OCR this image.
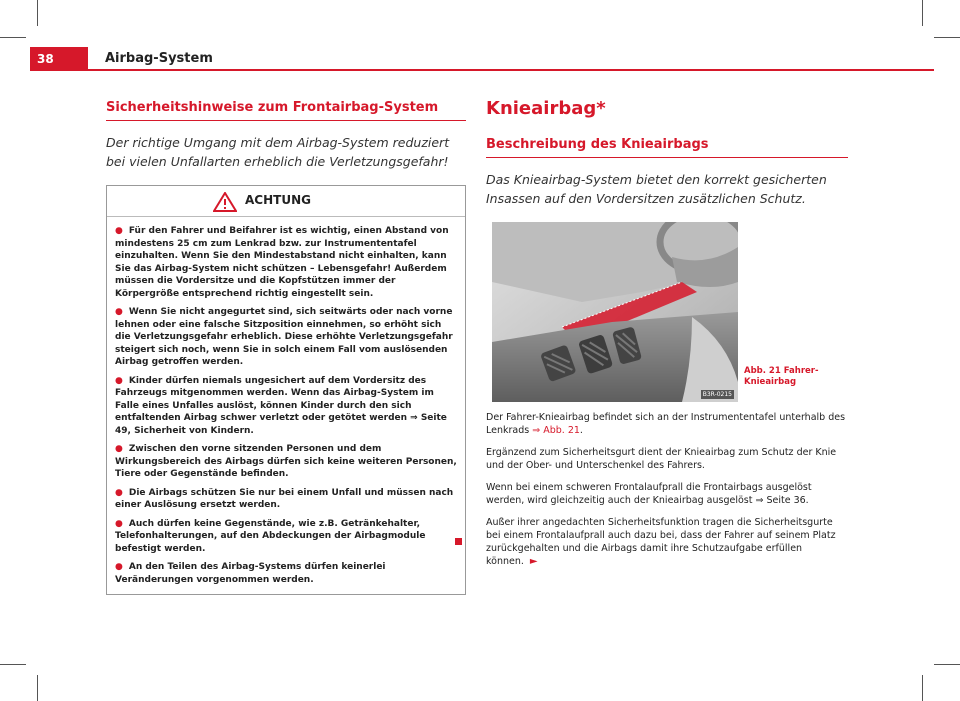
38	Airbag-System
Sicherheitshinweise zum Frontairbag-System
Der richtige Umgang mit dem Airbag-System reduziert bei vielen Unfallarten erheblich die Verletzungsgefahr!
ACHTUNG
● Für den Fahrer und Beifahrer ist es wichtig, einen Abstand von mindestens 25 cm zum Lenkrad bzw. zur Instrumententafel einzuhalten. Wenn Sie den Mindestabstand nicht einhalten, kann Sie das Airbag-System nicht schützen – Lebensgefahr! Außerdem müssen die Vordersitze und die Kopfstützen immer der Körpergröße entsprechend richtig eingestellt sein.
● Wenn Sie nicht angegurtet sind, sich seitwärts oder nach vorne lehnen oder eine falsche Sitzposition einnehmen, so erhöht sich die Verletzungsgefahr erheblich. Diese erhöhte Verletzungsgefahr steigert sich noch, wenn Sie in solch einem Fall vom auslösenden Airbag getroffen werden.
● Kinder dürfen niemals ungesichert auf dem Vordersitz des Fahrzeugs mitgenommen werden. Wenn das Airbag-System im Falle eines Unfalles auslöst, können Kinder durch den sich entfaltenden Airbag schwer verletzt oder getötet werden ⇒ Seite 49, Sicherheit von Kindern.
● Zwischen den vorne sitzenden Personen und dem Wirkungsbereich des Airbags dürfen sich keine weiteren Personen, Tiere oder Gegenstände befinden.
● Die Airbags schützen Sie nur bei einem Unfall und müssen nach einer Auslösung ersetzt werden.
● Auch dürfen keine Gegenstände, wie z.B. Getränkehalter, Telefonhalterungen, auf den Abdeckungen der Airbagmodule befestigt werden.
● An den Teilen des Airbag-Systems dürfen keinerlei Veränderungen vorgenommen werden.
Knieairbag*
Beschreibung des Knieairbags
Das Knieairbag-System bietet den korrekt gesicherten Insassen auf den Vordersitzen zusätzlichen Schutz.
B3R-0215
Abb. 21 Fahrer-Knieairbag
Der Fahrer-Knieairbag befindet sich an der Instrumententafel unterhalb des Lenkrads ⇒ Abb. 21.
Ergänzend zum Sicherheitsgurt dient der Knieairbag zum Schutz der Knie und der Ober- und Unterschenkel des Fahrers.
Wenn bei einem schweren Frontalaufprall die Frontairbags ausgelöst werden, wird gleichzeitig auch der Knieairbag ausgelöst ⇒ Seite 36.
Außer ihrer angedachten Sicherheitsfunktion tragen die Sicherheitsgurte bei einem Frontalaufprall auch dazu bei, dass der Fahrer auf seinem Platz zurückgehalten und die Airbags damit ihre Schutzaufgabe erfüllen können. ►
